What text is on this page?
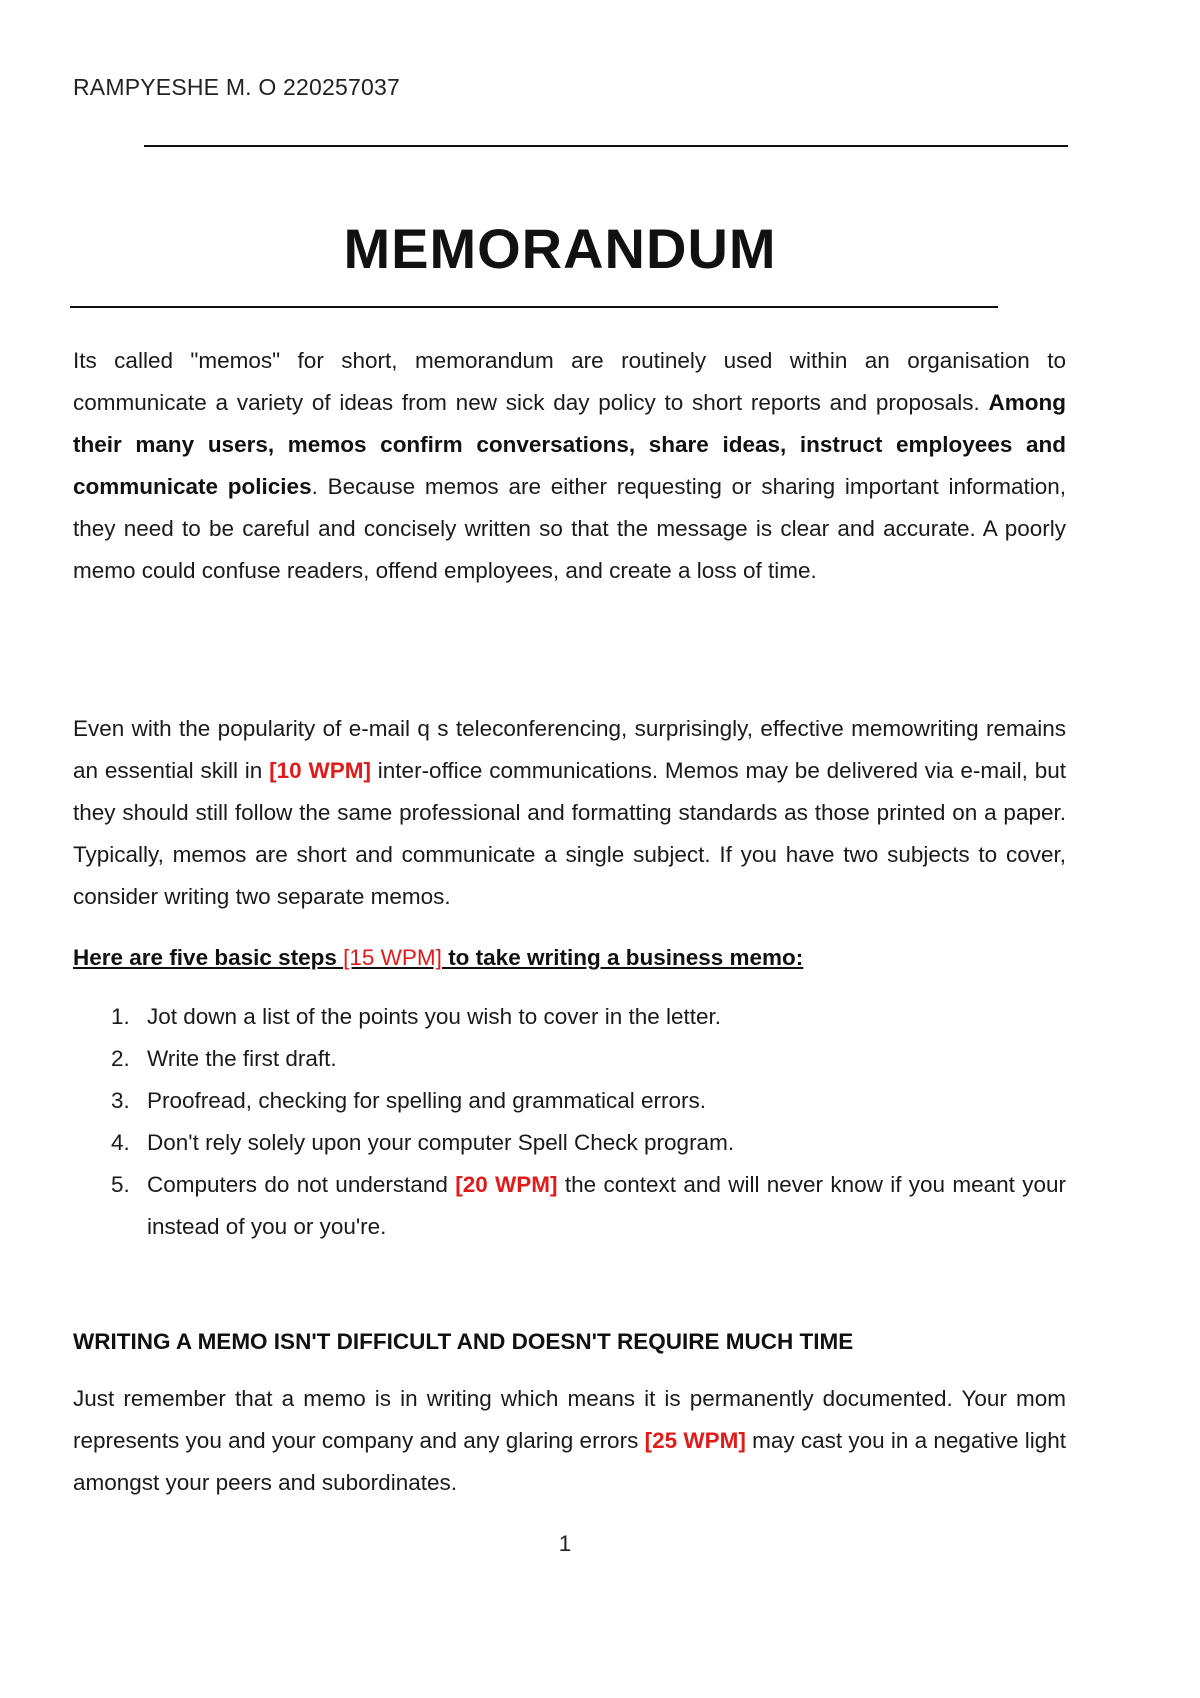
RAMPYESHE M. O 220257037
MEMORANDUM
Its called "memos" for short, memorandum are routinely used within an organisation to communicate a variety of ideas from new sick day policy to short reports and proposals. Among their many users, memos confirm conversations, share ideas, instruct employees and communicate policies. Because memos are either requesting or sharing important information, they need to be careful and concisely written so that the message is clear and accurate. A poorly memo could confuse readers, offend employees, and create a loss of time.
Even with the popularity of e-mail q s teleconferencing, surprisingly, effective memowriting remains an essential skill in [10 WPM] inter-office communications. Memos may be delivered via e-mail, but they should still follow the same professional and formatting standards as those printed on a paper. Typically, memos are short and communicate a single subject. If you have two subjects to cover, consider writing two separate memos.
Here are five basic steps [15 WPM] to take writing a business memo:
1. Jot down a list of the points you wish to cover in the letter.
2. Write the first draft.
3. Proofread, checking for spelling and grammatical errors.
4. Don't rely solely upon your computer Spell Check program.
5. Computers do not understand [20 WPM] the context and will never know if you meant your instead of you or you're.
WRITING A MEMO ISN'T DIFFICULT AND DOESN'T REQUIRE MUCH TIME
Just remember that a memo is in writing which means it is permanently documented. Your mom represents you and your company and any glaring errors [25 WPM] may cast you in a negative light amongst your peers and subordinates.
1
